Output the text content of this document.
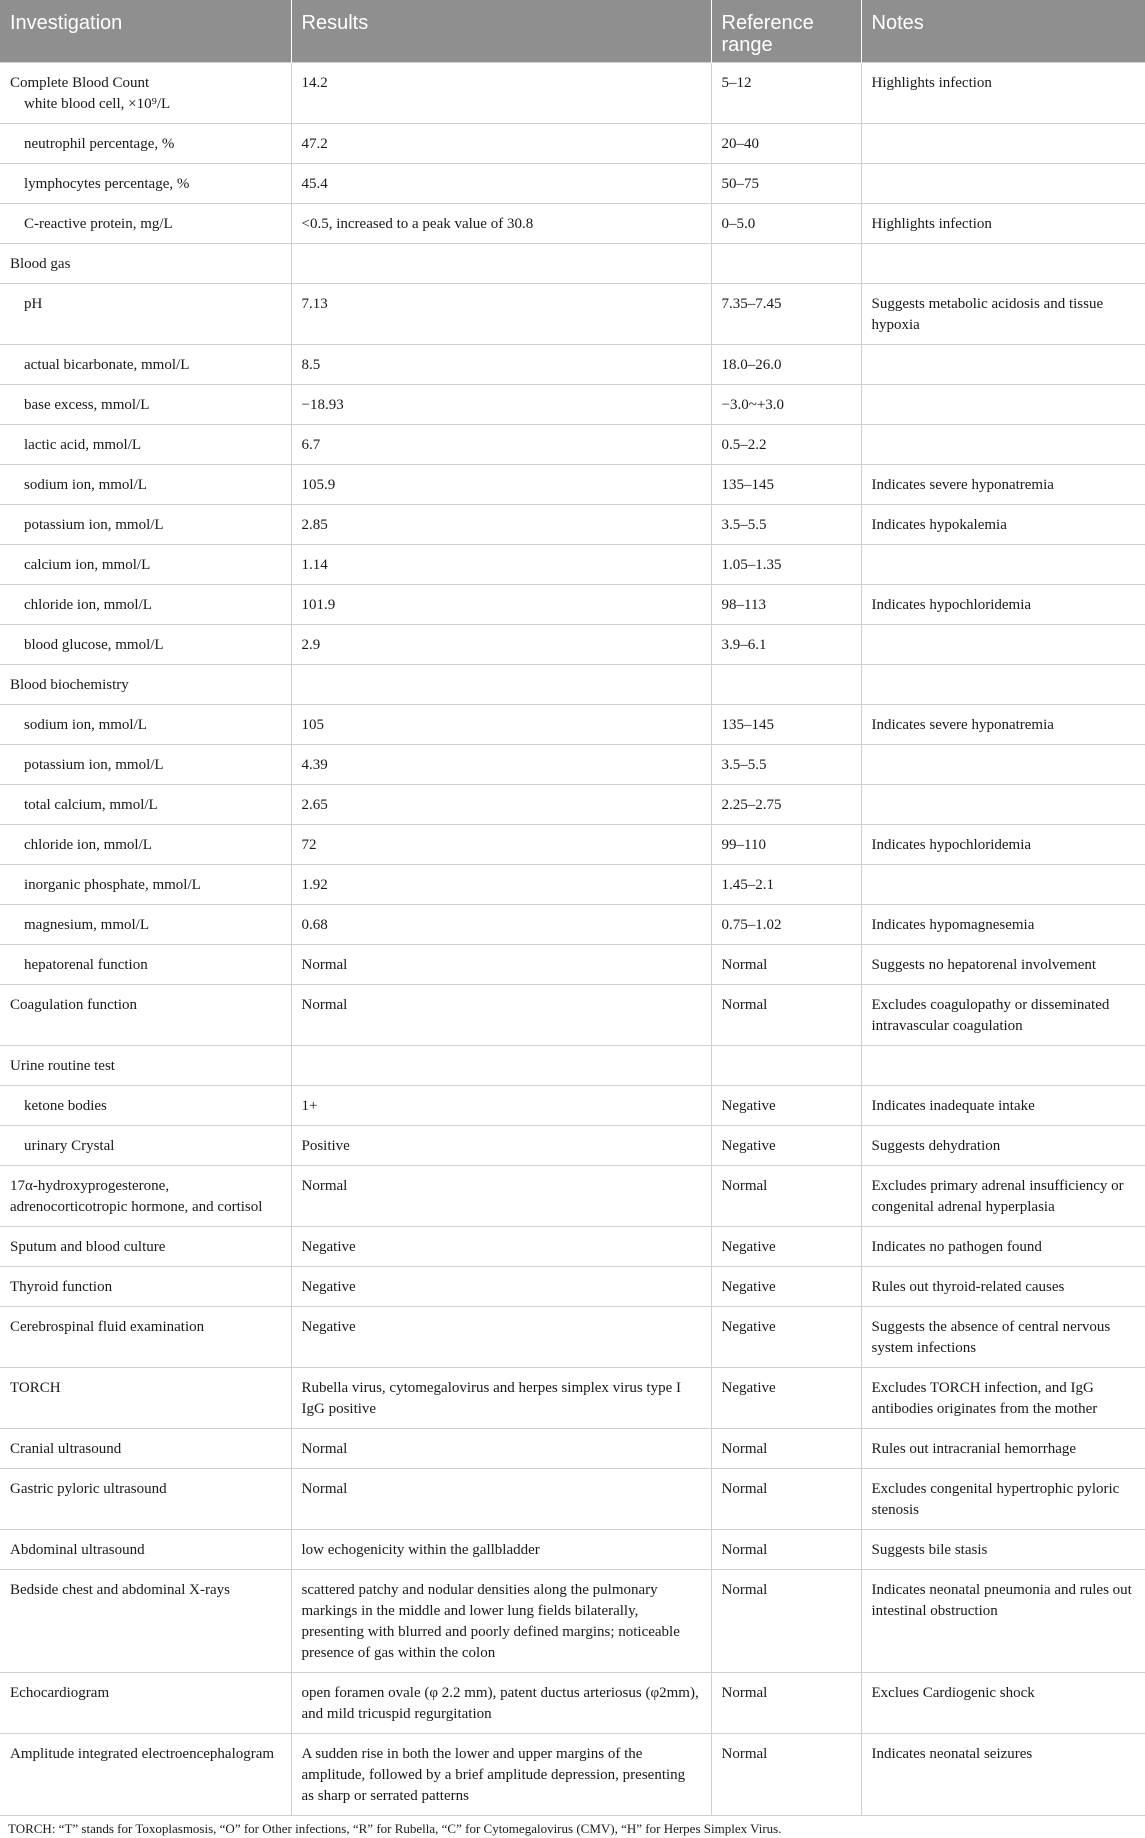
Investigation	Results	Reference range	Notes

Complete Blood Count
white blood cell, ×10⁹/L	14.2	5–12	Highlights infection
neutrophil percentage, %	47.2	20–40	
lymphocytes percentage, %	45.4	50–75	
C-reactive protein, mg/L	<0.5, increased to a peak value of 30.8	0–5.0	Highlights infection
Blood gas			
pH	7.13	7.35–7.45	Suggests metabolic acidosis and tissue hypoxia
actual bicarbonate, mmol/L	8.5	18.0–26.0	
base excess, mmol/L	−18.93	−3.0~+3.0	
lactic acid, mmol/L	6.7	0.5–2.2	
sodium ion, mmol/L	105.9	135–145	Indicates severe hyponatremia
potassium ion, mmol/L	2.85	3.5–5.5	Indicates hypokalemia
calcium ion, mmol/L	1.14	1.05–1.35	
chloride ion, mmol/L	101.9	98–113	Indicates hypochloridemia
blood glucose, mmol/L	2.9	3.9–6.1	
Blood biochemistry			
sodium ion, mmol/L	105	135–145	Indicates severe hyponatremia
potassium ion, mmol/L	4.39	3.5–5.5	
total calcium, mmol/L	2.65	2.25–2.75	
chloride ion, mmol/L	72	99–110	Indicates hypochloridemia
inorganic phosphate, mmol/L	1.92	1.45–2.1	
magnesium, mmol/L	0.68	0.75–1.02	Indicates hypomagnesemia
hepatorenal function	Normal	Normal	Suggests no hepatorenal involvement
Coagulation function	Normal	Normal	Excludes coagulopathy or disseminated intravascular coagulation
Urine routine test			
ketone bodies	1+	Negative	Indicates inadequate intake
urinary Crystal	Positive	Negative	Suggests dehydration
17α-hydroxyprogesterone, adrenocorticotropic hormone, and cortisol	Normal	Normal	Excludes primary adrenal insufficiency or congenital adrenal hyperplasia
Sputum and blood culture	Negative	Negative	Indicates no pathogen found
Thyroid function	Negative	Negative	Rules out thyroid-related causes
Cerebrospinal fluid examination	Negative	Negative	Suggests the absence of central nervous system infections
TORCH	Rubella virus, cytomegalovirus and herpes simplex virus type I IgG positive	Negative	Excludes TORCH infection, and IgG antibodies originates from the mother
Cranial ultrasound	Normal	Normal	Rules out intracranial hemorrhage
Gastric pyloric ultrasound	Normal	Normal	Excludes congenital hypertrophic pyloric stenosis
Abdominal ultrasound	low echogenicity within the gallbladder	Normal	Suggests bile stasis
Bedside chest and abdominal X-rays	scattered patchy and nodular densities along the pulmonary markings in the middle and lower lung fields bilaterally, presenting with blurred and poorly defined margins; noticeable presence of gas within the colon	Normal	Indicates neonatal pneumonia and rules out intestinal obstruction
Echocardiogram	open foramen ovale (φ 2.2 mm), patent ductus arteriosus (φ2mm), and mild tricuspid regurgitation	Normal	Exclues Cardiogenic shock
Amplitude integrated electroencephalogram	A sudden rise in both the lower and upper margins of the amplitude, followed by a brief amplitude depression, presenting as sharp or serrated patterns	Normal	Indicates neonatal seizures
TORCH: “T” stands for Toxoplasmosis, “O” for Other infections, “R” for Rubella, “C” for Cytomegalovirus (CMV), “H” for Herpes Simplex Virus.
